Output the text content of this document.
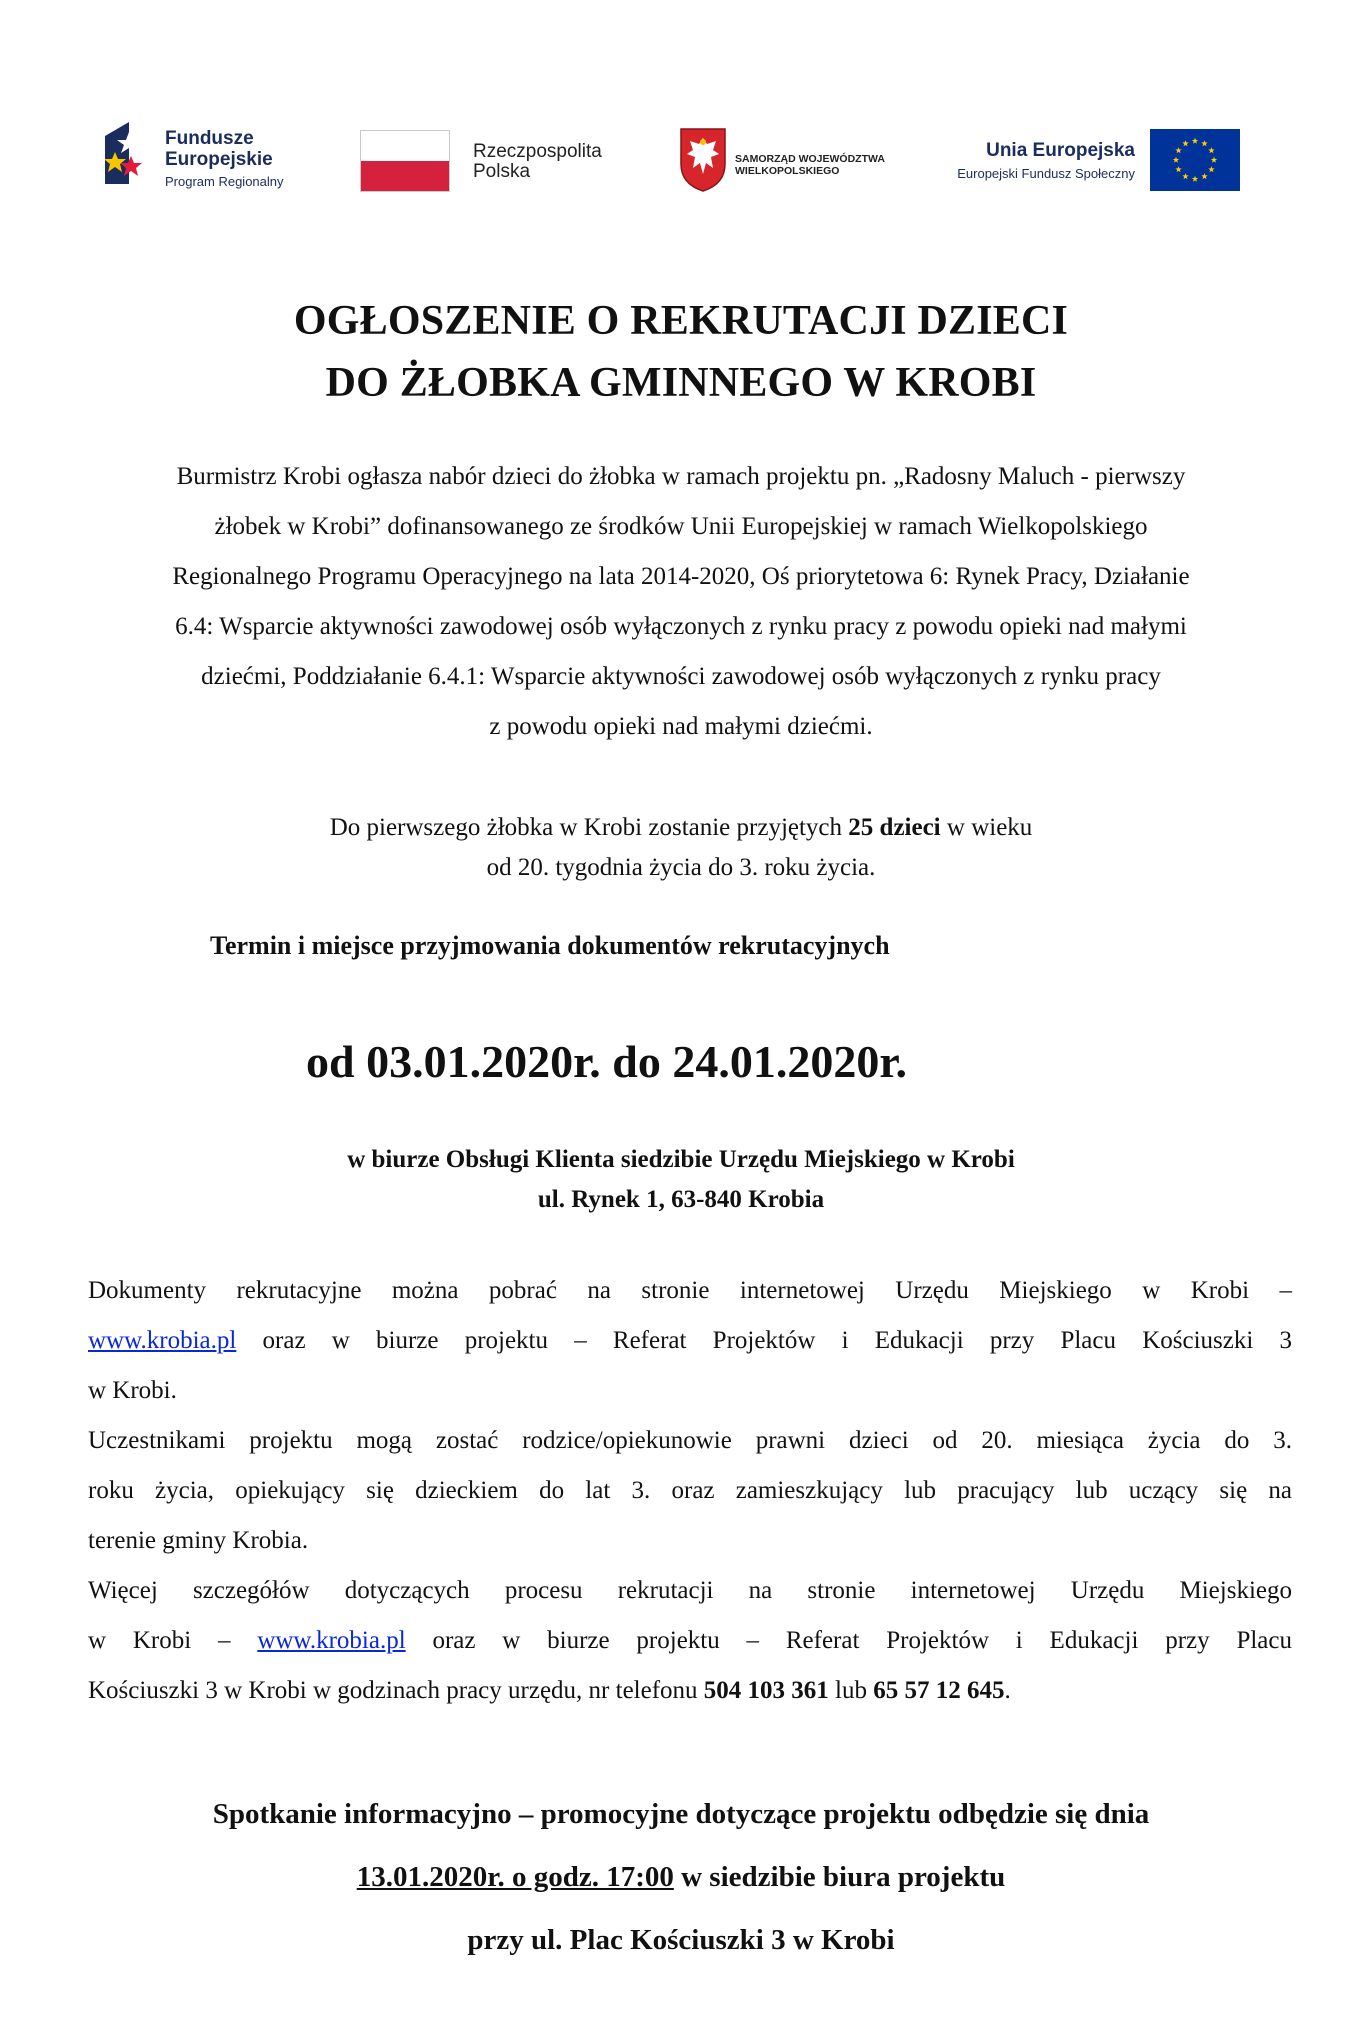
Fundusze
Europejskie
Program Regionalny
Rzeczpospolita
Polska
SAMORZĄD WOJEWÓDZTWA
WIELKOPOLSKIEGO
Unia Europejska
Europejski Fundusz Społeczny
OGŁOSZENIE O REKRUTACJI DZIECI
DO ŻŁOBKA GMINNEGO W KROBI
Burmistrz Krobi ogłasza nabór dzieci do żłobka w ramach projektu pn. „Radosny Maluch - pierwszy
żłobek w Krobi” dofinansowanego ze środków Unii Europejskiej w ramach Wielkopolskiego
Regionalnego Programu Operacyjnego na lata 2014-2020, Oś priorytetowa 6: Rynek Pracy, Działanie
6.4: Wsparcie aktywności zawodowej osób wyłączonych z rynku pracy z powodu opieki nad małymi
dziećmi, Poddziałanie 6.4.1: Wsparcie aktywności zawodowej osób wyłączonych z rynku pracy
z powodu opieki nad małymi dziećmi.
Do pierwszego żłobka w Krobi zostanie przyjętych 25 dzieci w wieku
od 20. tygodnia życia do 3. roku życia.
Termin i miejsce przyjmowania dokumentów rekrutacyjnych
od 03.01.2020r. do 24.01.2020r.
w biurze Obsługi Klienta siedzibie Urzędu Miejskiego w Krobi
ul. Rynek 1, 63-840 Krobia
Dokumenty rekrutacyjne można pobrać na stronie internetowej Urzędu Miejskiego w Krobi –
www.krobia.pl oraz w biurze projektu – Referat Projektów i Edukacji przy Placu Kościuszki 3
w Krobi.
Uczestnikami projektu mogą zostać rodzice/opiekunowie prawni dzieci od 20. miesiąca życia do 3.
roku życia, opiekujący się dzieckiem do lat 3. oraz zamieszkujący lub pracujący lub uczący się na
terenie gminy Krobia.
Więcej szczegółów dotyczących procesu rekrutacji na stronie internetowej Urzędu Miejskiego
w Krobi – www.krobia.pl oraz w biurze projektu – Referat Projektów i Edukacji przy Placu
Kościuszki 3 w Krobi w godzinach pracy urzędu, nr telefonu 504 103 361 lub 65 57 12 645.
Spotkanie informacyjno – promocyjne dotyczące projektu odbędzie się dnia
13.01.2020r. o godz. 17:00 w siedzibie biura projektu
przy ul. Plac Kościuszki 3 w Krobi
